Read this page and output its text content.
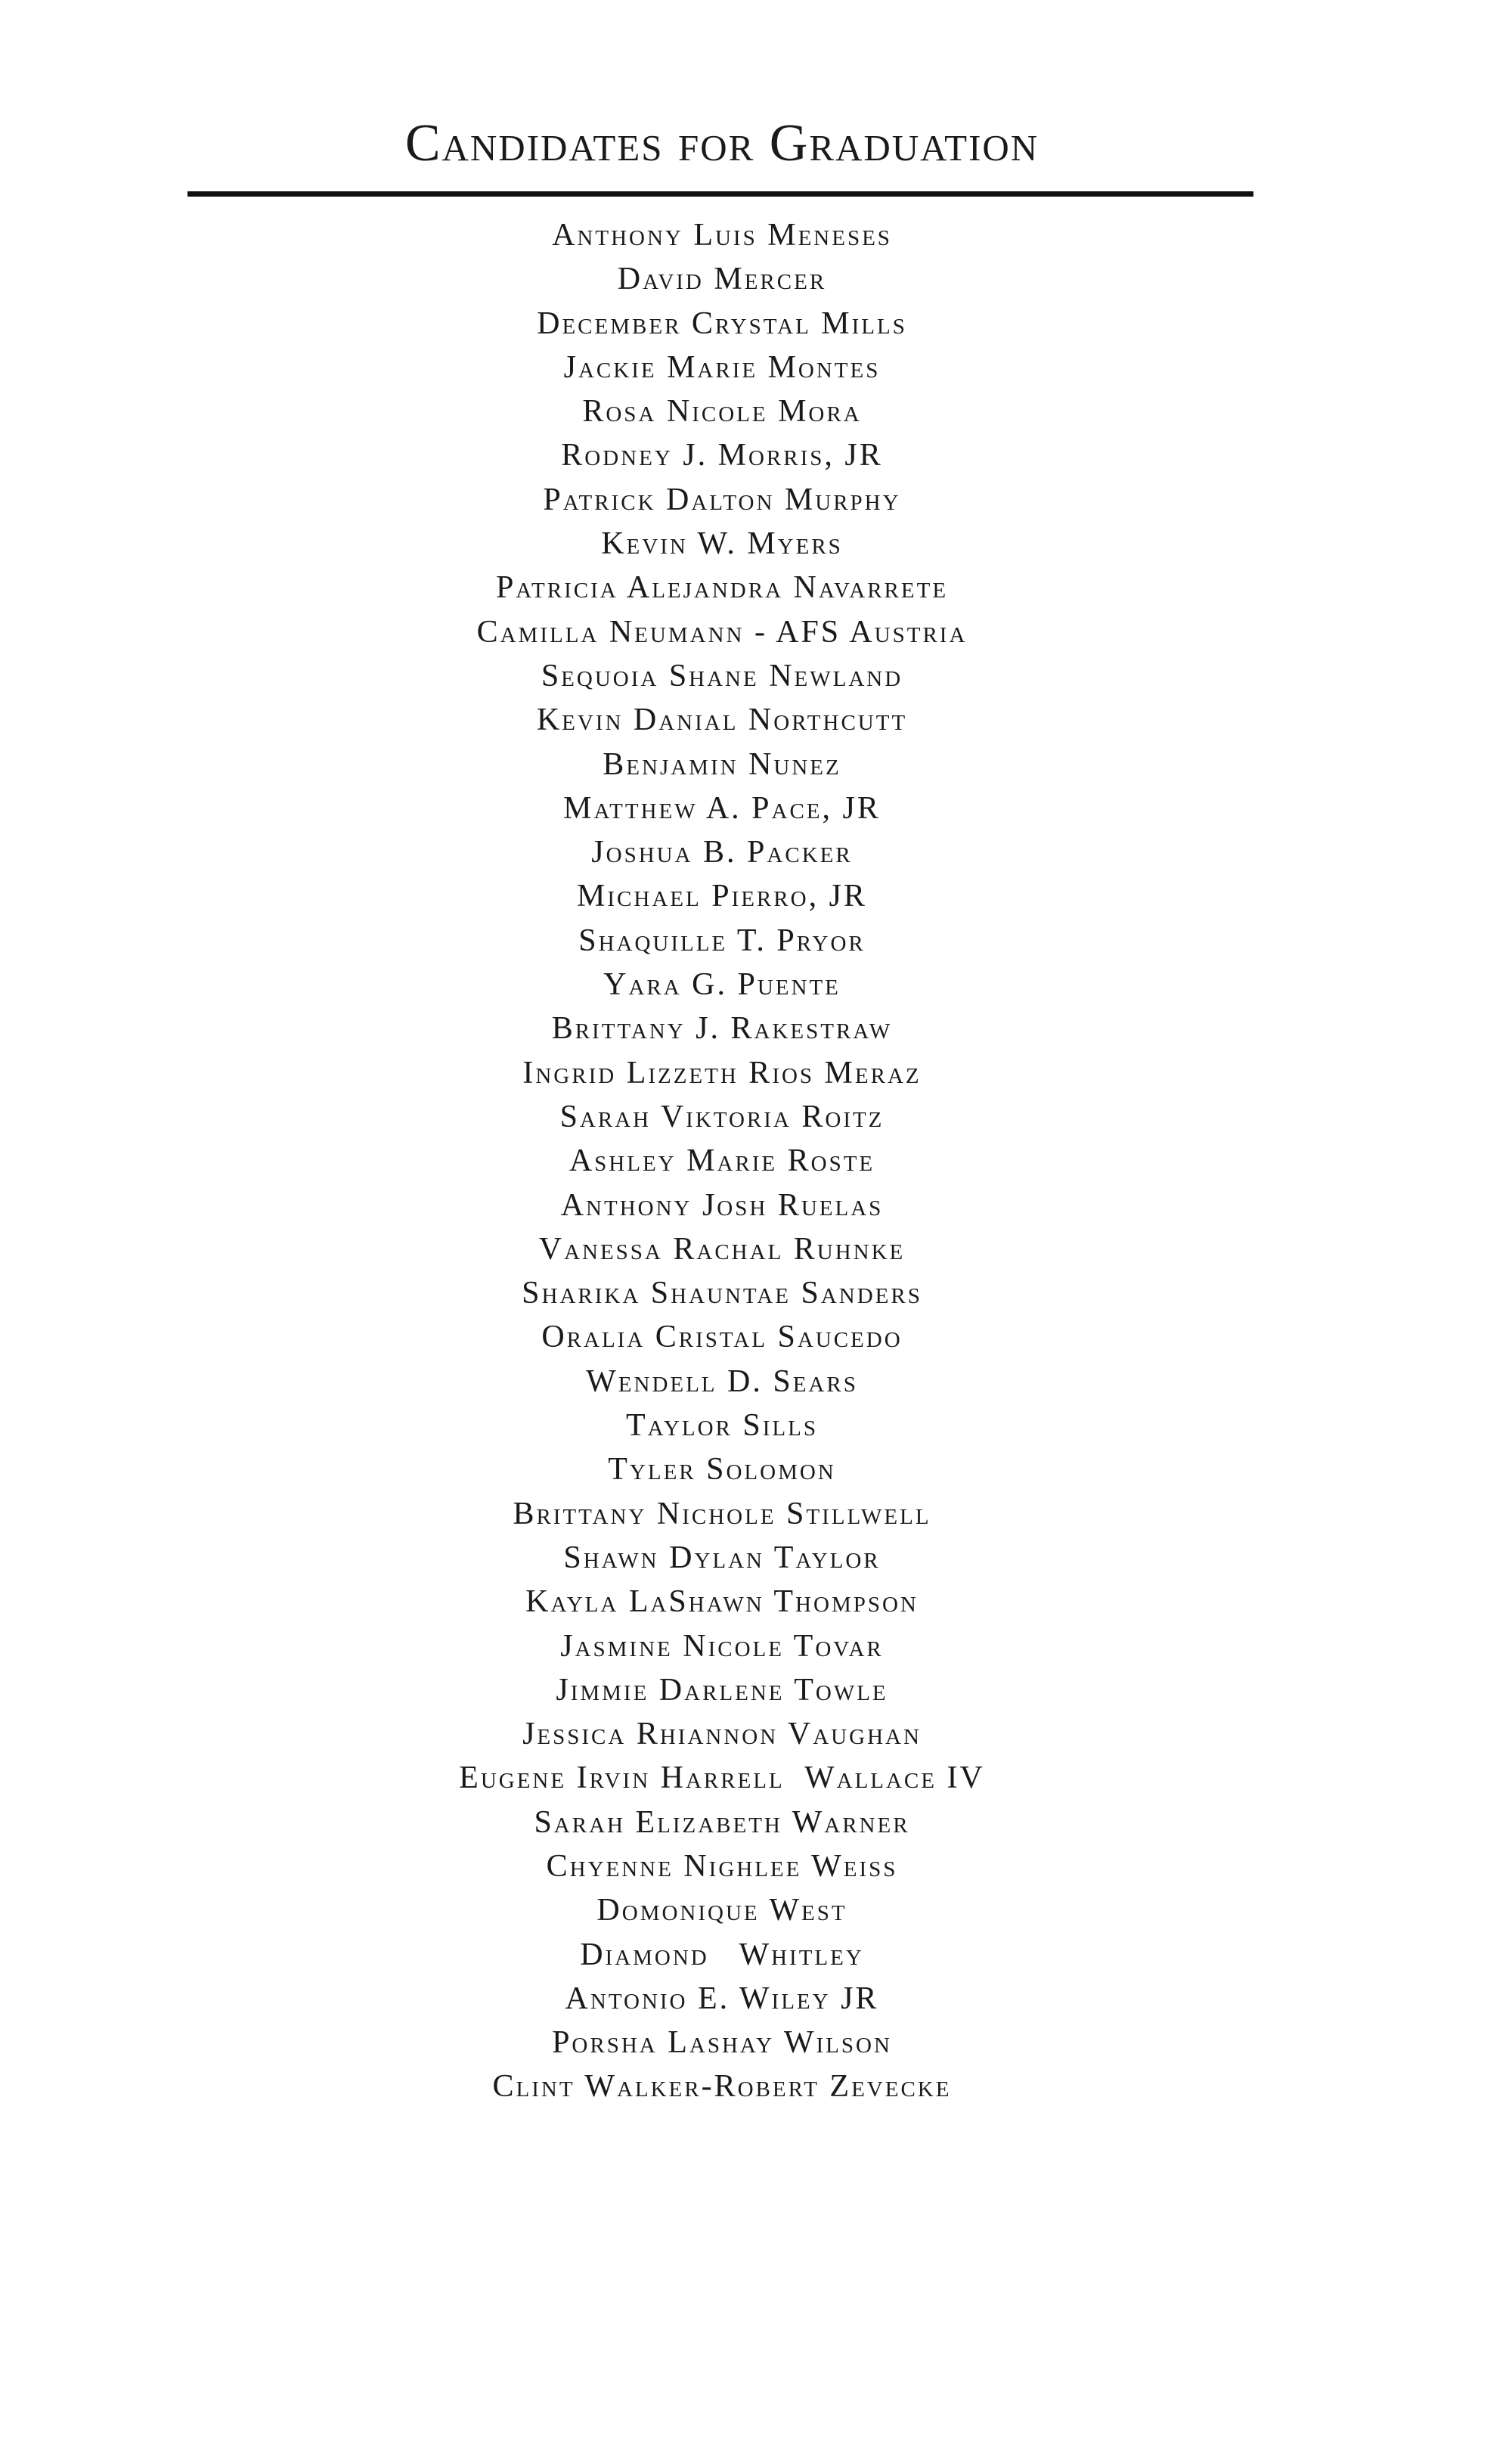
Candidates for Graduation
Anthony Luis Meneses
David Mercer
December Crystal Mills
Jackie Marie Montes
Rosa Nicole Mora
Rodney J. Morris, JR
Patrick Dalton Murphy
Kevin W. Myers
Patricia Alejandra Navarrete
Camilla Neumann - AFS Austria
Sequoia Shane Newland
Kevin Danial Northcutt
Benjamin Nunez
Matthew A. Pace, JR
Joshua B. Packer
Michael Pierro, JR
Shaquille T. Pryor
Yara G. Puente
Brittany J. Rakestraw
Ingrid Lizzeth Rios Meraz
Sarah Viktoria Roitz
Ashley Marie Roste
Anthony Josh Ruelas
Vanessa Rachal Ruhnke
Sharika Shauntae Sanders
Oralia Cristal Saucedo
Wendell D. Sears
Taylor Sills
Tyler Solomon
Brittany Nichole Stillwell
Shawn Dylan Taylor
Kayla LaShawn Thompson
Jasmine Nicole Tovar
Jimmie Darlene Towle
Jessica Rhiannon Vaughan
Eugene Irvin Harrell  Wallace IV
Sarah Elizabeth Warner
Chyenne Nighlee Weiss
Domonique West
Diamond   Whitley
Antonio E. Wiley JR
Porsha Lashay Wilson
Clint Walker-Robert Zevecke
